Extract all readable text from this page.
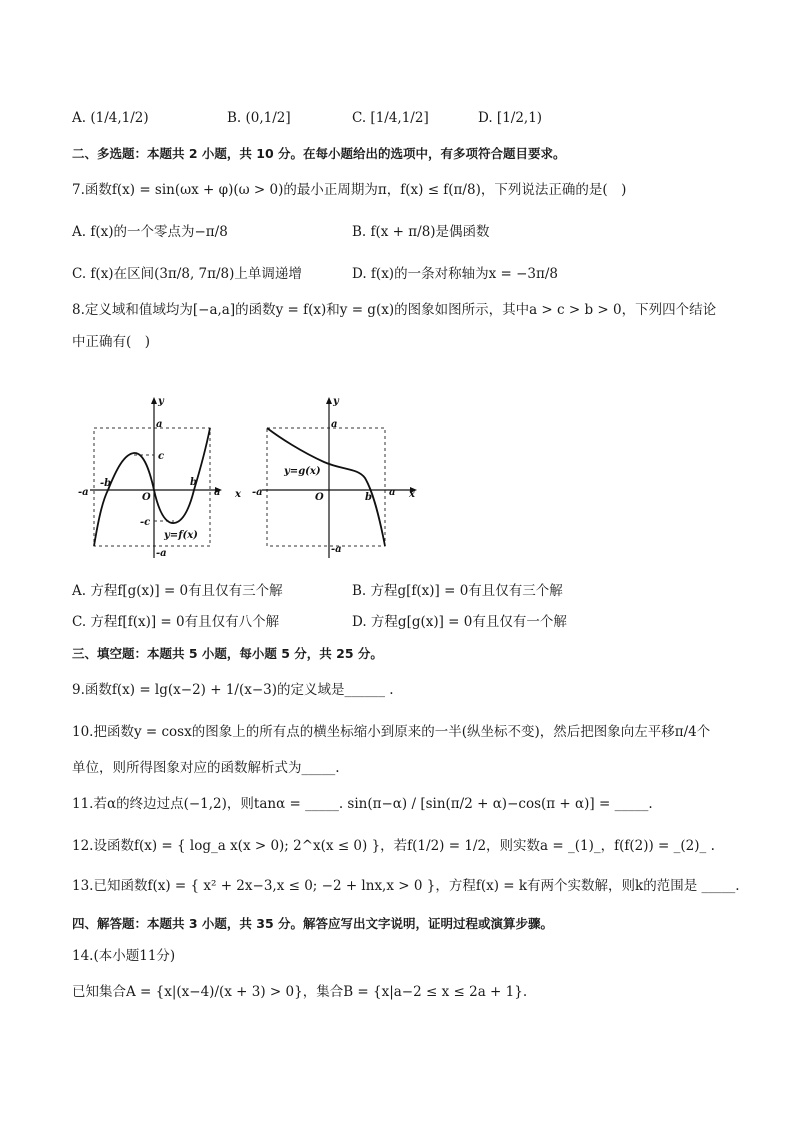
A. (1/4,1/2)	B. (0,1/2]	C. [1/4,1/2]	D. [1/2,1)
二、多选题：本题共 2 小题，共 10 分。在每小题给出的选项中，有多项符合题目要求。
7.函数f(x) = sin(ωx + φ)(ω > 0)的最小正周期为π，f(x) ≤ f(π/8)，下列说法正确的是(　)
A. f(x)的一个零点为−π/8	B. f(x + π/8)是偶函数
C. f(x)在区间(3π/8, 7π/8)上单调递增	D. f(x)的一条对称轴为x = −3π/8
8.定义域和值域均为[−a,a]的函数y = f(x)和y = g(x)的图象如图所示，其中a > c > b > 0，下列四个结论
中正确有(　)
y
x
a
c
-a
-b
O
b
a
-c
y=f(x)
-a
y
x
a
y=g(x)
-a	O	b a
-a
A. 方程f[g(x)] = 0有且仅有三个解	B. 方程g[f(x)] = 0有且仅有三个解
C. 方程f[f(x)] = 0有且仅有八个解	D. 方程g[g(x)] = 0有且仅有一个解
三、填空题：本题共 5 小题，每小题 5 分，共 25 分。
9.函数f(x) = lg(x−2) + 1/(x−3)的定义域是______ .
10.把函数y = cosx的图象上的所有点的横坐标缩小到原来的一半(纵坐标不变)，然后把图象向左平移π/4个
单位，则所得图象对应的函数解析式为_____.
11.若α的终边过点(−1,2)，则tanα = _____. sin(π−α) / [sin(π/2 + α)−cos(π + α)] = _____.
12.设函数f(x) = { log_a x(x > 0); 2^x(x ≤ 0) }，若f(1/2) = 1/2，则实数a = _(1)_，f(f(2)) = _(2)_ .
13.已知函数f(x) = { x² + 2x−3,x ≤ 0; −2 + lnx,x > 0 }，方程f(x) = k有两个实数解，则k的范围是 _____.
四、解答题：本题共 3 小题，共 35 分。解答应写出文字说明，证明过程或演算步骤。
14.(本小题11分)
已知集合A = {x|(x−4)/(x + 3) > 0}，集合B = {x|a−2 ≤ x ≤ 2a + 1}.
